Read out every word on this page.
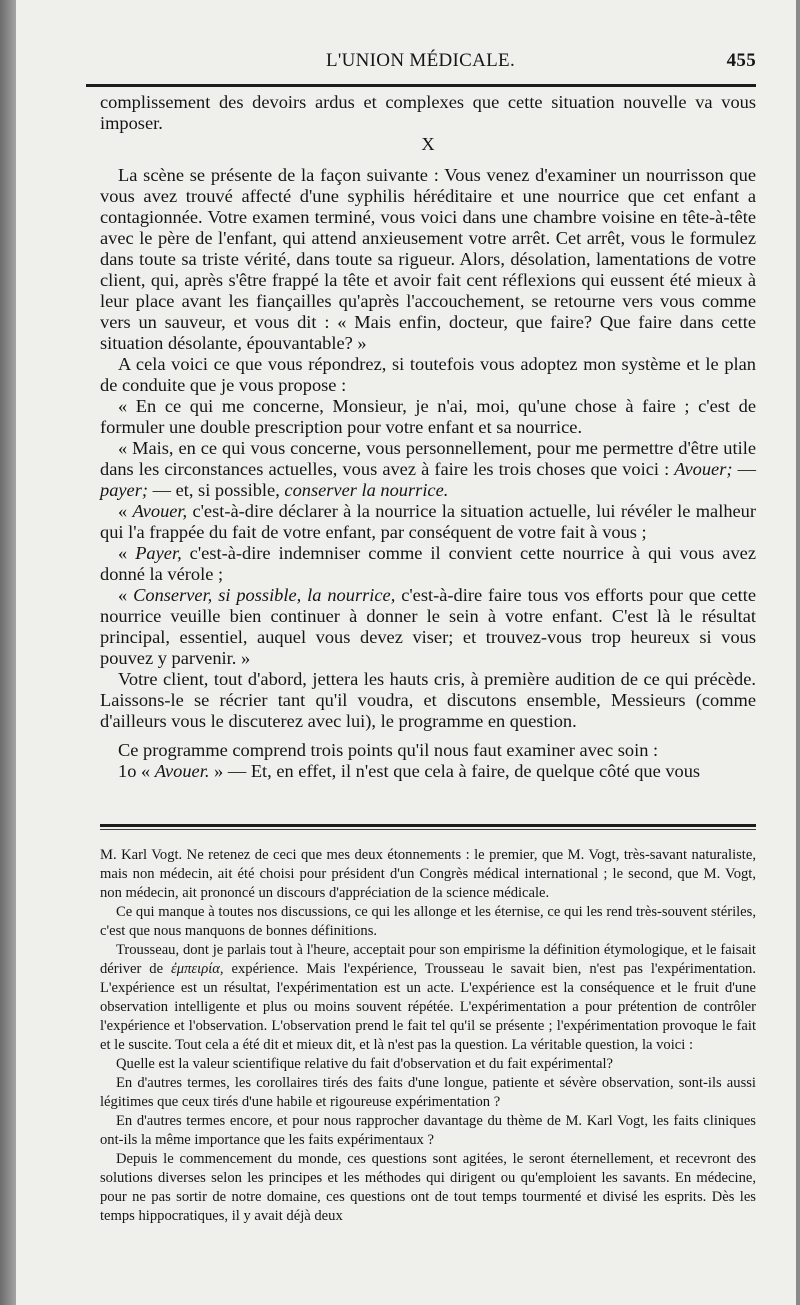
L'UNION MÉDICALE.	455

complissement des devoirs ardus et complexes que cette situation nouvelle va vous imposer.

X

La scène se présente de la façon suivante : Vous venez d'examiner un nourrisson que vous avez trouvé affecté d'une syphilis héréditaire et une nourrice que cet enfant a contagionnée. Votre examen terminé, vous voici dans une chambre voisine en tête-à-tête avec le père de l'enfant, qui attend anxieusement votre arrêt. Cet arrêt, vous le formulez dans toute sa triste vérité, dans toute sa rigueur. Alors, désolation, lamentations de votre client, qui, après s'être frappé la tête et avoir fait cent réflexions qui eussent été mieux à leur place avant les fiançailles qu'après l'accouchement, se retourne vers vous comme vers un sauveur, et vous dit : « Mais enfin, docteur, que faire? Que faire dans cette situation désolante, épouvantable? »

A cela voici ce que vous répondrez, si toutefois vous adoptez mon système et le plan de conduite que je vous propose :

« En ce qui me concerne, Monsieur, je n'ai, moi, qu'une chose à faire ; c'est de formuler une double prescription pour votre enfant et sa nourrice.

« Mais, en ce qui vous concerne, vous personnellement, pour me permettre d'être utile dans les circonstances actuelles, vous avez à faire les trois choses que voici : Avouer; — payer; — et, si possible, conserver la nourrice.

« Avouer, c'est-à-dire déclarer à la nourrice la situation actuelle, lui révéler le malheur qui l'a frappée du fait de votre enfant, par conséquent de votre fait à vous ;

« Payer, c'est-à-dire indemniser comme il convient cette nourrice à qui vous avez donné la vérole ;

« Conserver, si possible, la nourrice, c'est-à-dire faire tous vos efforts pour que cette nourrice veuille bien continuer à donner le sein à votre enfant. C'est là le résultat principal, essentiel, auquel vous devez viser; et trouvez-vous trop heureux si vous pouvez y parvenir. »

Votre client, tout d'abord, jettera les hauts cris, à première audition de ce qui précède. Laissons-le se récrier tant qu'il voudra, et discutons ensemble, Messieurs (comme d'ailleurs vous le discuterez avec lui), le programme en question.

Ce programme comprend trois points qu'il nous faut examiner avec soin :

1o « Avouer. » — Et, en effet, il n'est que cela à faire, de quelque côté que vous

M. Karl Vogt. Ne retenez de ceci que mes deux étonnements : le premier, que M. Vogt, très-savant naturaliste, mais non médecin, ait été choisi pour président d'un Congrès médical international ; le second, que M. Vogt, non médecin, ait prononcé un discours d'appréciation de la science médicale.

Ce qui manque à toutes nos discussions, ce qui les allonge et les éternise, ce qui les rend très-souvent stériles, c'est que nous manquons de bonnes définitions.

Trousseau, dont je parlais tout à l'heure, acceptait pour son empirisme la définition étymologique, et le faisait dériver de ἐμπειρία, expérience. Mais l'expérience, Trousseau le savait bien, n'est pas l'expérimentation. L'expérience est un résultat, l'expérimentation est un acte. L'expérience est la conséquence et le fruit d'une observation intelligente et plus ou moins souvent répétée. L'expérimentation a pour prétention de contrôler l'expérience et l'observation. L'observation prend le fait tel qu'il se présente ; l'expérimentation provoque le fait et le suscite. Tout cela a été dit et mieux dit, et là n'est pas la question. La véritable question, la voici :

Quelle est la valeur scientifique relative du fait d'observation et du fait expérimental?

En d'autres termes, les corollaires tirés des faits d'une longue, patiente et sévère observation, sont-ils aussi légitimes que ceux tirés d'une habile et rigoureuse expérimentation ?

En d'autres termes encore, et pour nous rapprocher davantage du thème de M. Karl Vogt, les faits cliniques ont-ils la même importance que les faits expérimentaux ?

Depuis le commencement du monde, ces questions sont agitées, le seront éternellement, et recevront des solutions diverses selon les principes et les méthodes qui dirigent ou qu'emploient les savants. En médecine, pour ne pas sortir de notre domaine, ces questions ont de tout temps tourmenté et divisé les esprits. Dès les temps hippocratiques, il y avait déjà deux
